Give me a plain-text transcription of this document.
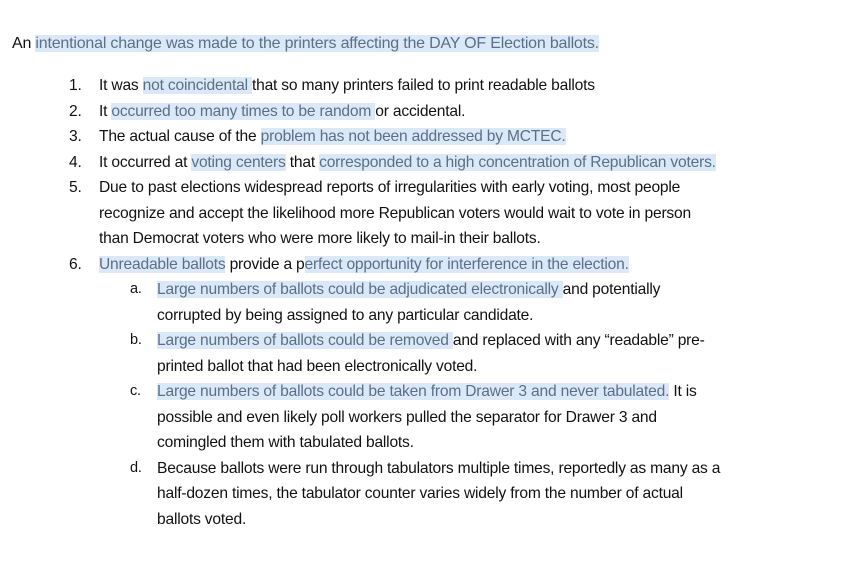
An intentional change was made to the printers affecting the DAY OF Election ballots.
1. It was not coincidental that so many printers failed to print readable ballots
2. It occurred too many times to be random or accidental.
3. The actual cause of the problem has not been addressed by MCTEC.
4. It occurred at voting centers that corresponded to a high concentration of Republican voters.
5. Due to past elections widespread reports of irregularities with early voting, most people
recognize and accept the likelihood more Republican voters would wait to vote in person
than Democrat voters who were more likely to mail-in their ballots.
6. Unreadable ballots provide a perfect opportunity for interference in the election.
a. Large numbers of ballots could be adjudicated electronically and potentially
corrupted by being assigned to any particular candidate.
b. Large numbers of ballots could be removed and replaced with any “readable” pre-
printed ballot that had been electronically voted.
c. Large numbers of ballots could be taken from Drawer 3 and never tabulated. It is
possible and even likely poll workers pulled the separator for Drawer 3 and
comingled them with tabulated ballots.
d. Because ballots were run through tabulators multiple times, reportedly as many as a
half-dozen times, the tabulator counter varies widely from the number of actual
ballots voted.
